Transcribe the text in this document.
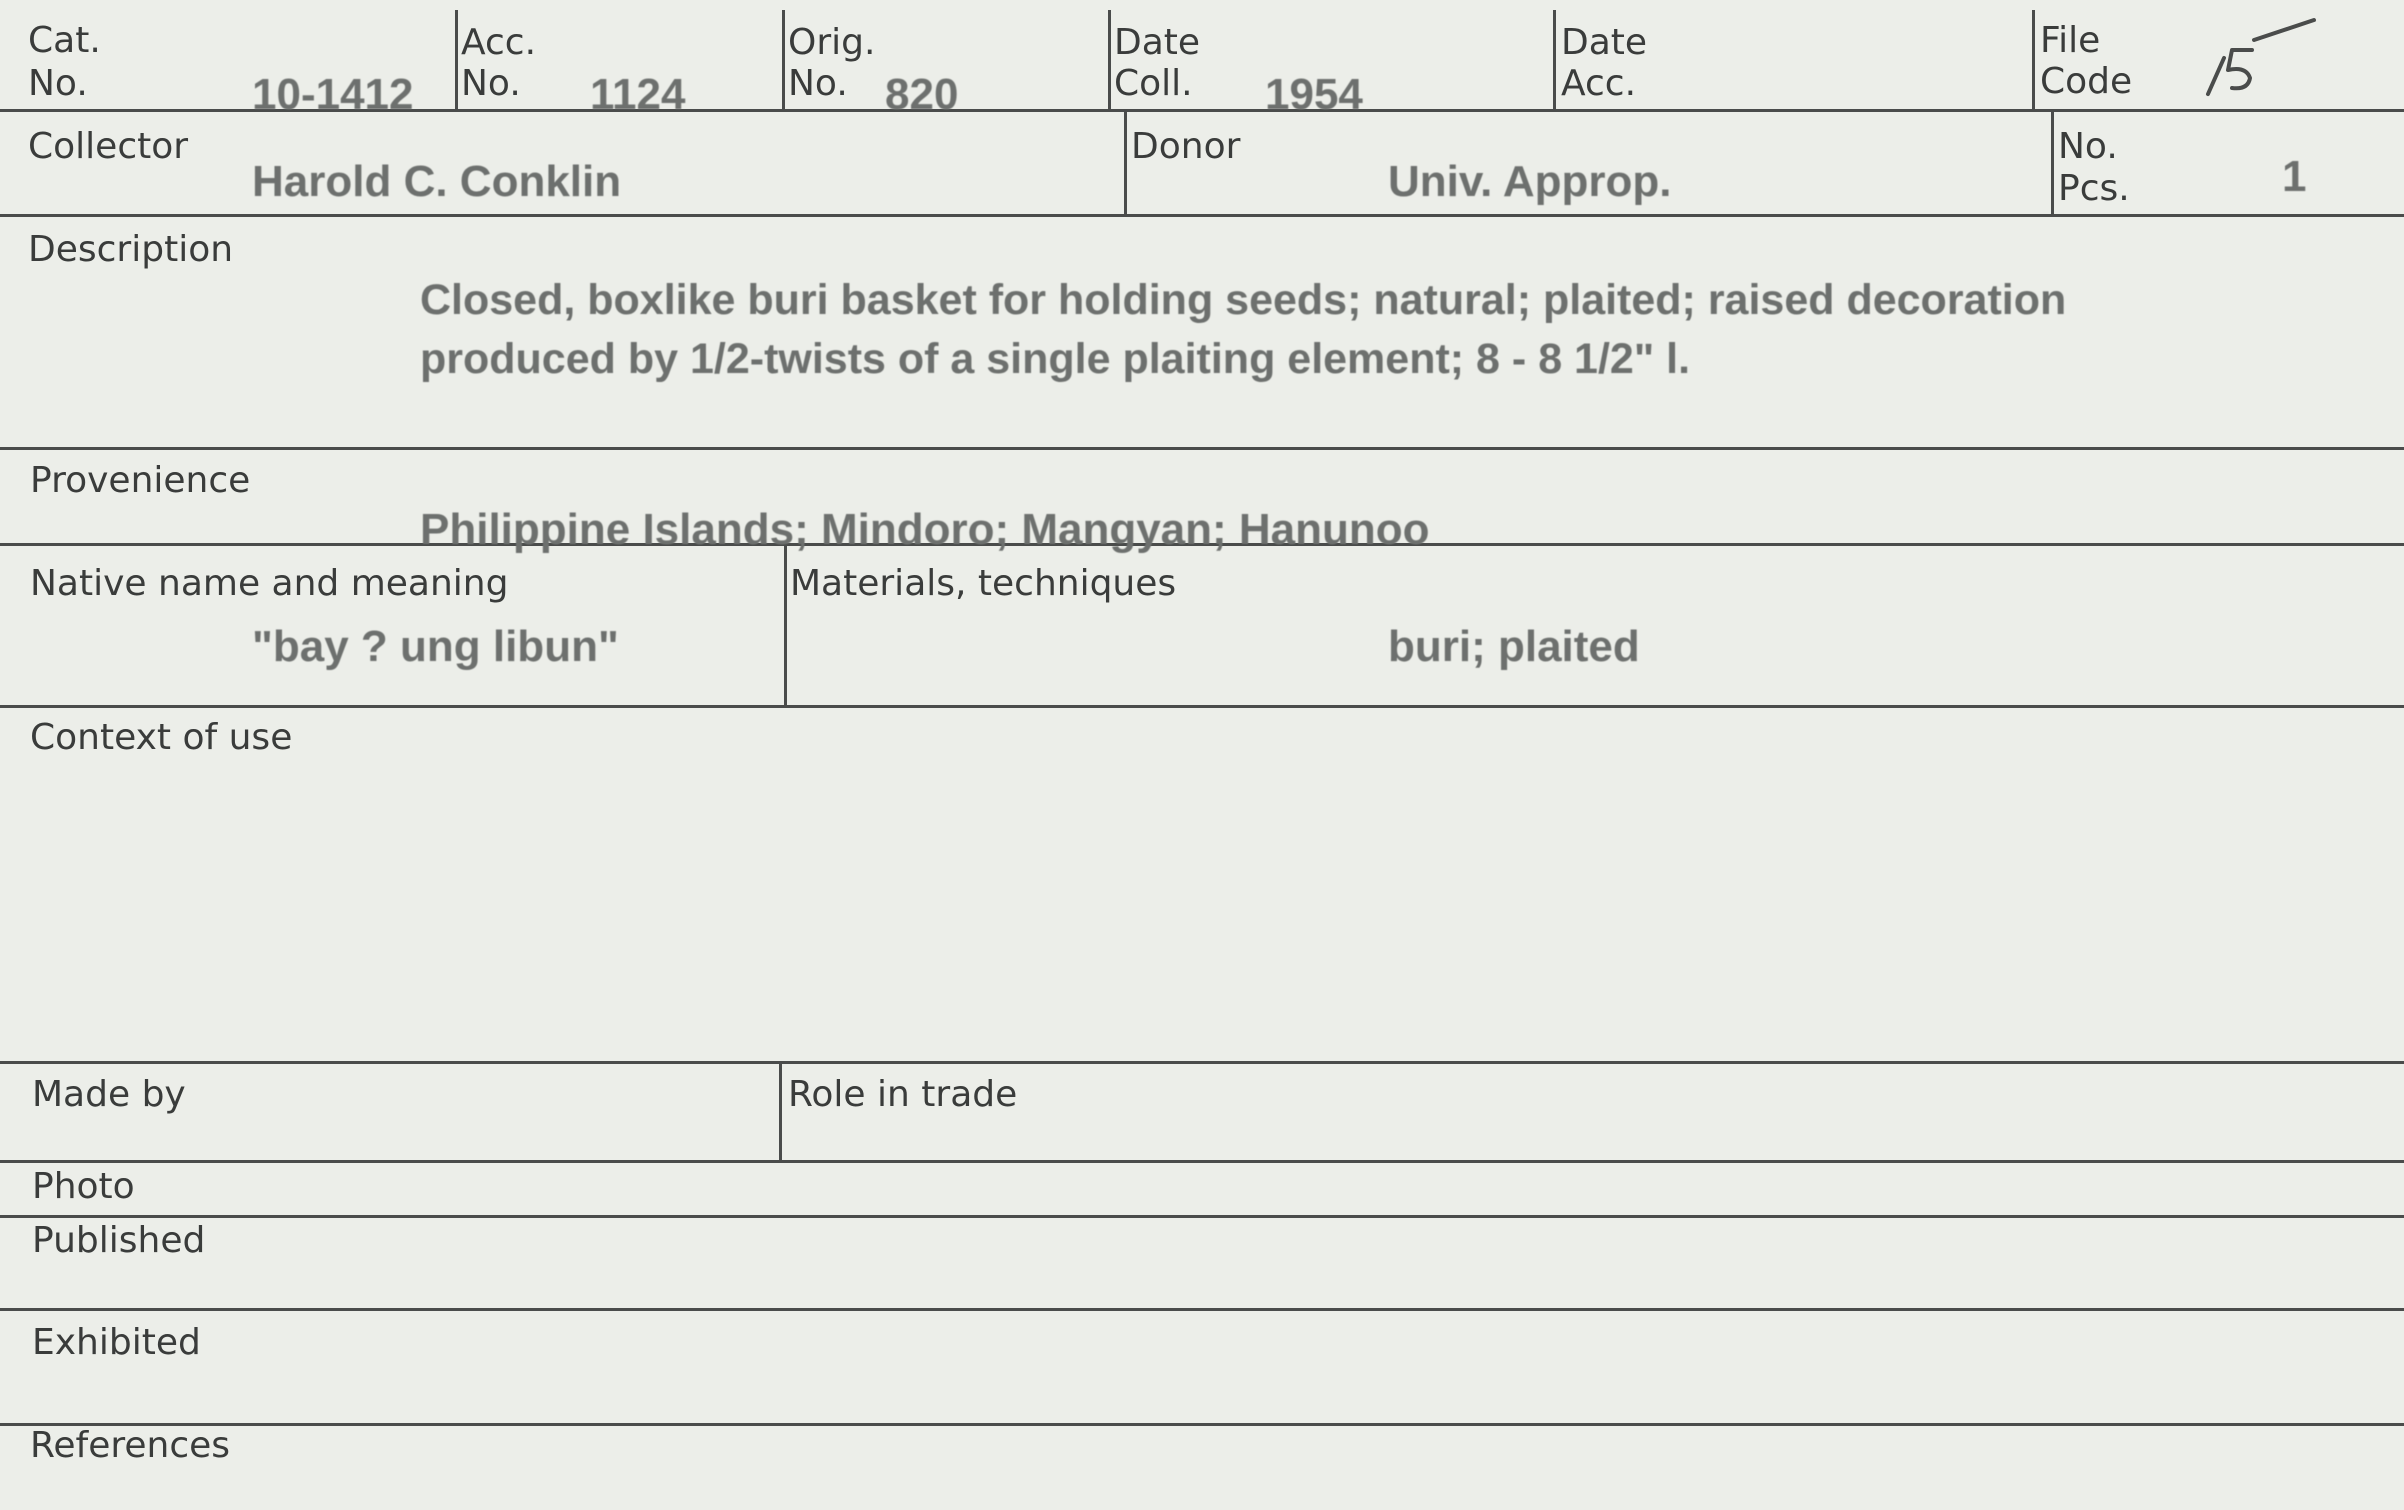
Cat.
No.	10-1412
Acc.
No. 1124
Orig.
No. 820
Date
Coll. 1954
Date
Acc.
File
Code
Collector
Harold C. Conklin
Donor
Univ. Approp.
No.
Pcs.	1
Description
Closed, boxlike buri basket for holding seeds; natural; plaited; raised decoration
produced by 1/2-twists of a single plaiting element; 8 - 8 1/2" l.
Provenience
Philippine Islands; Mindoro; Mangyan; Hanunoo
Native name and meaning
"bay ? ung libun"
Materials, techniques
buri; plaited
Context of use
Made by	Role in trade
Photo
Published
Exhibited
References
